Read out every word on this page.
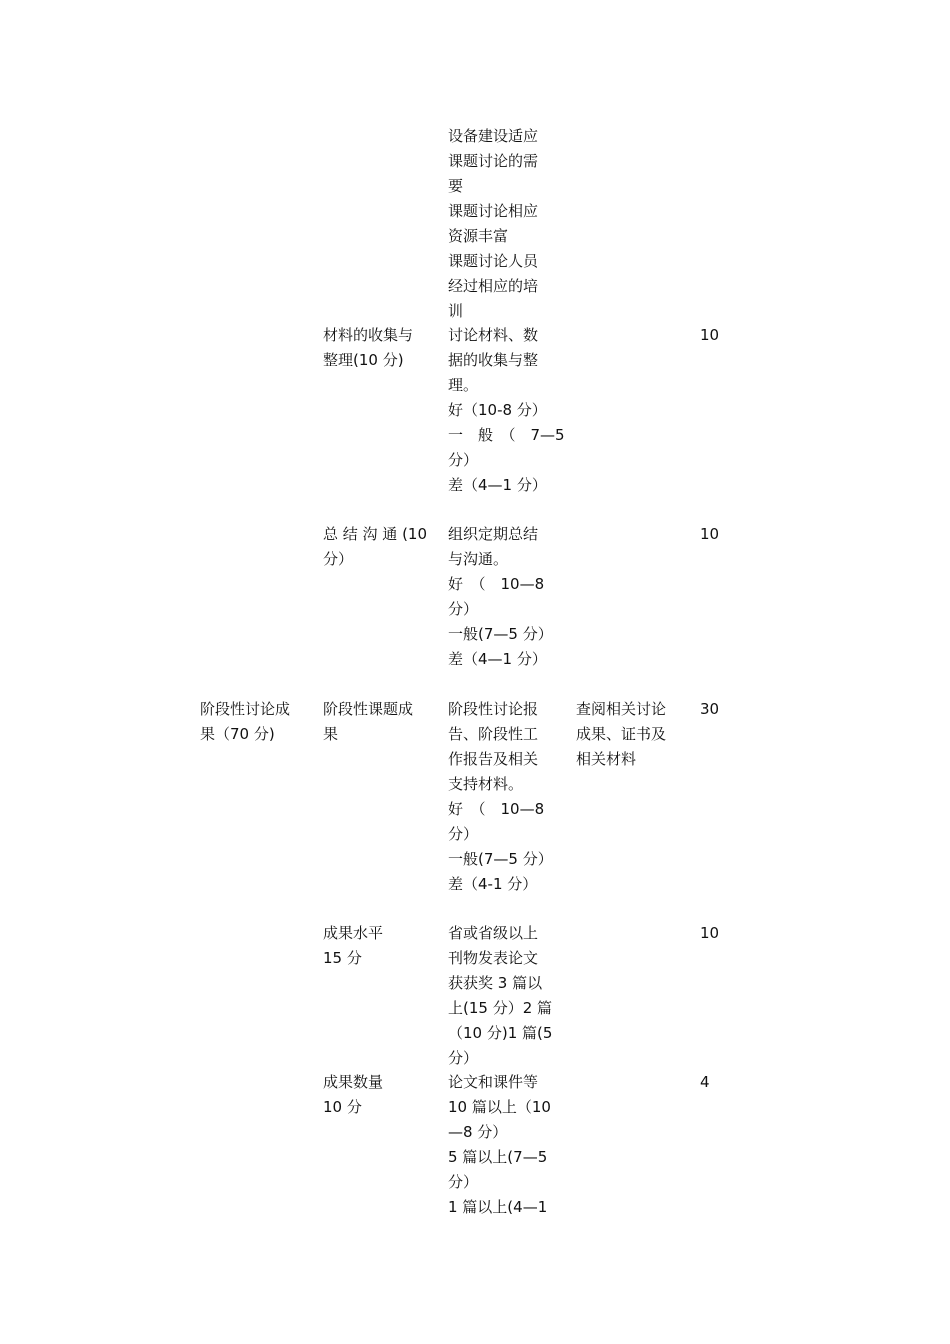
设备建设适应
课题讨论的需
要
课题讨论相应
资源丰富
课题讨论人员
经过相应的培
训
材料的收集与
整理(10 分)
讨论材料、数
据的收集与整
理。
好（10-8 分）
一　般　（　7—5
分）
差（4—1 分）
10
总 结 沟 通 (10
分）
组织定期总结
与沟通。
好　（　10—8
分）
一般(7—5 分）
差（4—1 分）
10
阶段性讨论成
果（70 分)
阶段性课题成
果
阶段性讨论报
告、阶段性工
作报告及相关
支持材料。
好　（　10—8
分）
一般(7—5 分）
差（4-1 分）
查阅相关讨论
成果、证书及
相关材料
30
成果水平
15 分
省或省级以上
刊物发表论文
获获奖 3 篇以
上(15 分）2 篇
（10 分)1 篇(5
分）
10
成果数量
10 分
论文和课件等
10 篇以上（10
—8 分）
5 篇以上(7—5
分）
1 篇以上(4—1
4
